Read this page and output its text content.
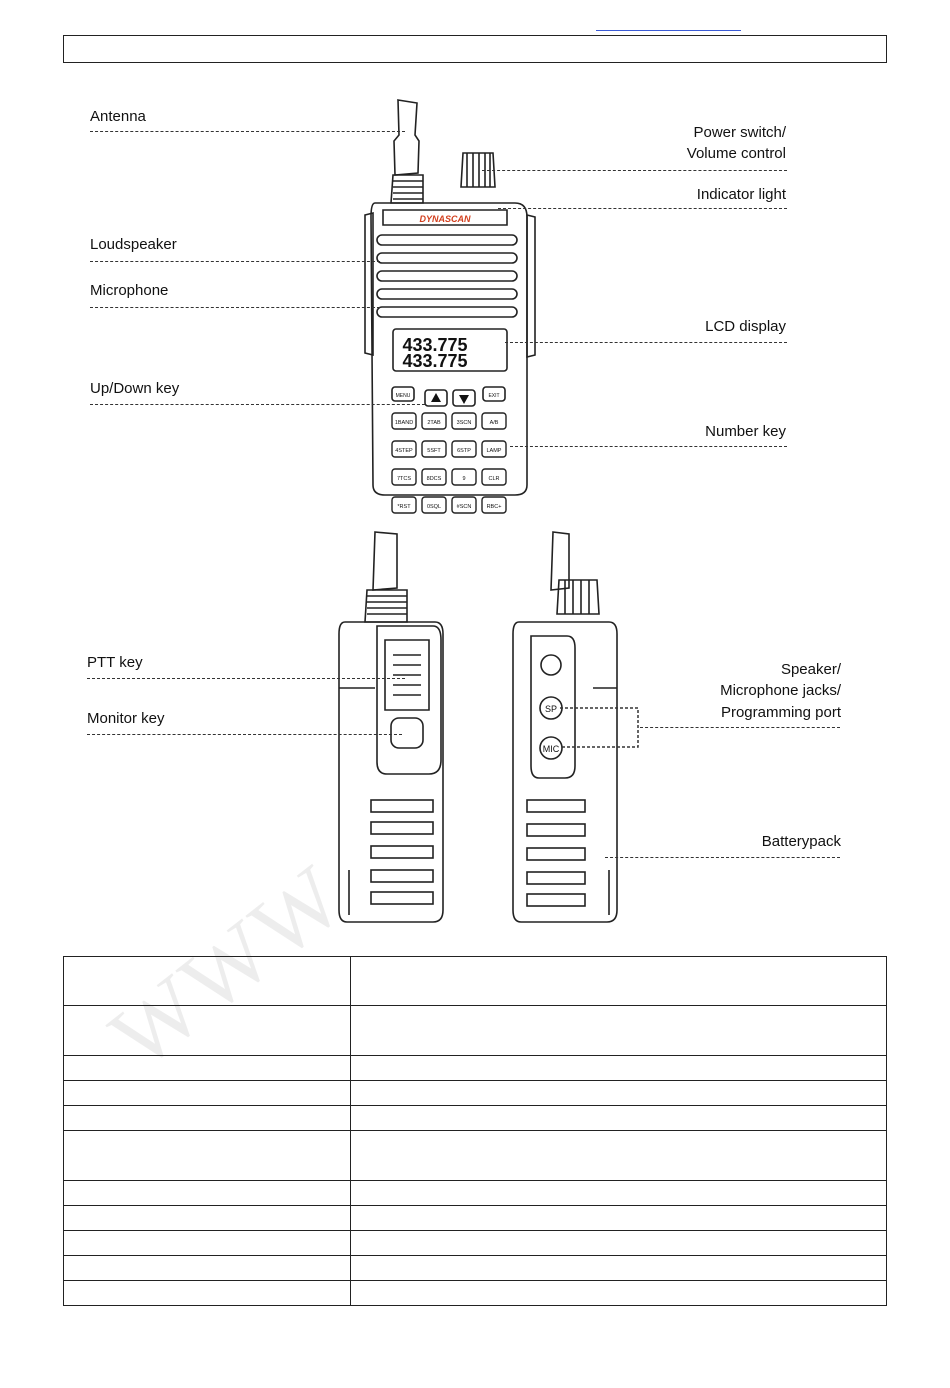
DYNASCAN
433.775
433.775
MENU	EXIT
1BAND	2TAB	3SCN	A/B
4STEP	5SFT	6STP	LAMP
7TCS	8DCS	9	CLR
*RST	0SQL	#SCN	RBC+
Antenna
Power switch/
Volume control
Indicator light
Loudspeaker
Microphone
LCD display
Up/Down key
Number key
SP
MIC
PTT key
Monitor key
Speaker/
Microphone jacks/
Programming port
Batterypack
WWW
